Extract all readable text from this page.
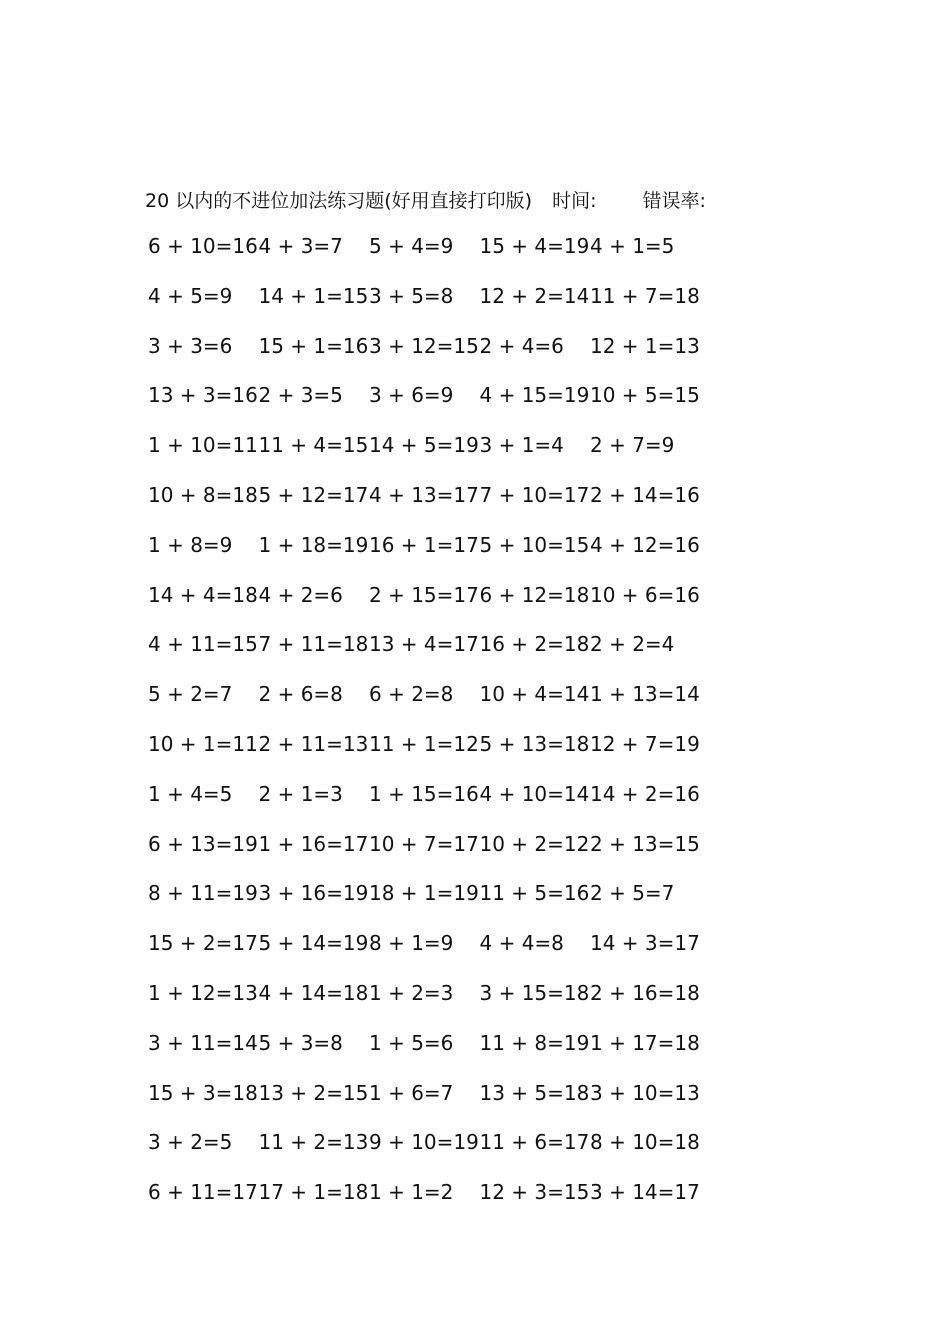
20 以内的不进位加法练习题(好用直接打印版) 时间: 错误率:
6 + 10=16 4 + 3=7	5 + 4=9	15 + 4=19 4 + 1=5
4 + 5=9	14 + 1=15 3 + 5=8	12 + 2=14 11 + 7=18
3 + 3=6	15 + 1=16 3 + 12=15 2 + 4=6	12 + 1=13
13 + 3=16 2 + 3=5	3 + 6=9	4 + 15=19 10 + 5=15
1 + 10=11 11 + 4=15 14 + 5=19 3 + 1=4	2 + 7=9
10 + 8=18 5 + 12=17 4 + 13=17 7 + 10=17 2 + 14=16
1 + 8=9	1 + 18=19 16 + 1=17 5 + 10=15 4 + 12=16
14 + 4=18 4 + 2=6	2 + 15=17 6 + 12=18 10 + 6=16
4 + 11=15 7 + 11=18 13 + 4=17 16 + 2=18 2 + 2=4
5 + 2=7	2 + 6=8	6 + 2=8	10 + 4=14 1 + 13=14
10 + 1=11 2 + 11=13 11 + 1=12 5 + 13=18 12 + 7=19
1 + 4=5	2 + 1=3	1 + 15=16 4 + 10=14 14 + 2=16
6 + 13=19 1 + 16=17 10 + 7=17 10 + 2=12 2 + 13=15
8 + 11=19 3 + 16=19 18 + 1=19 11 + 5=16 2 + 5=7
15 + 2=17 5 + 14=19 8 + 1=9	4 + 4=8	14 + 3=17
1 + 12=13 4 + 14=18 1 + 2=3	3 + 15=18 2 + 16=18
3 + 11=14 5 + 3=8	1 + 5=6	11 + 8=19 1 + 17=18
15 + 3=18 13 + 2=15 1 + 6=7	13 + 5=18 3 + 10=13
3 + 2=5	11 + 2=13 9 + 10=19 11 + 6=17 8 + 10=18
6 + 11=17 17 + 1=18 1 + 1=2	12 + 3=15 3 + 14=17
